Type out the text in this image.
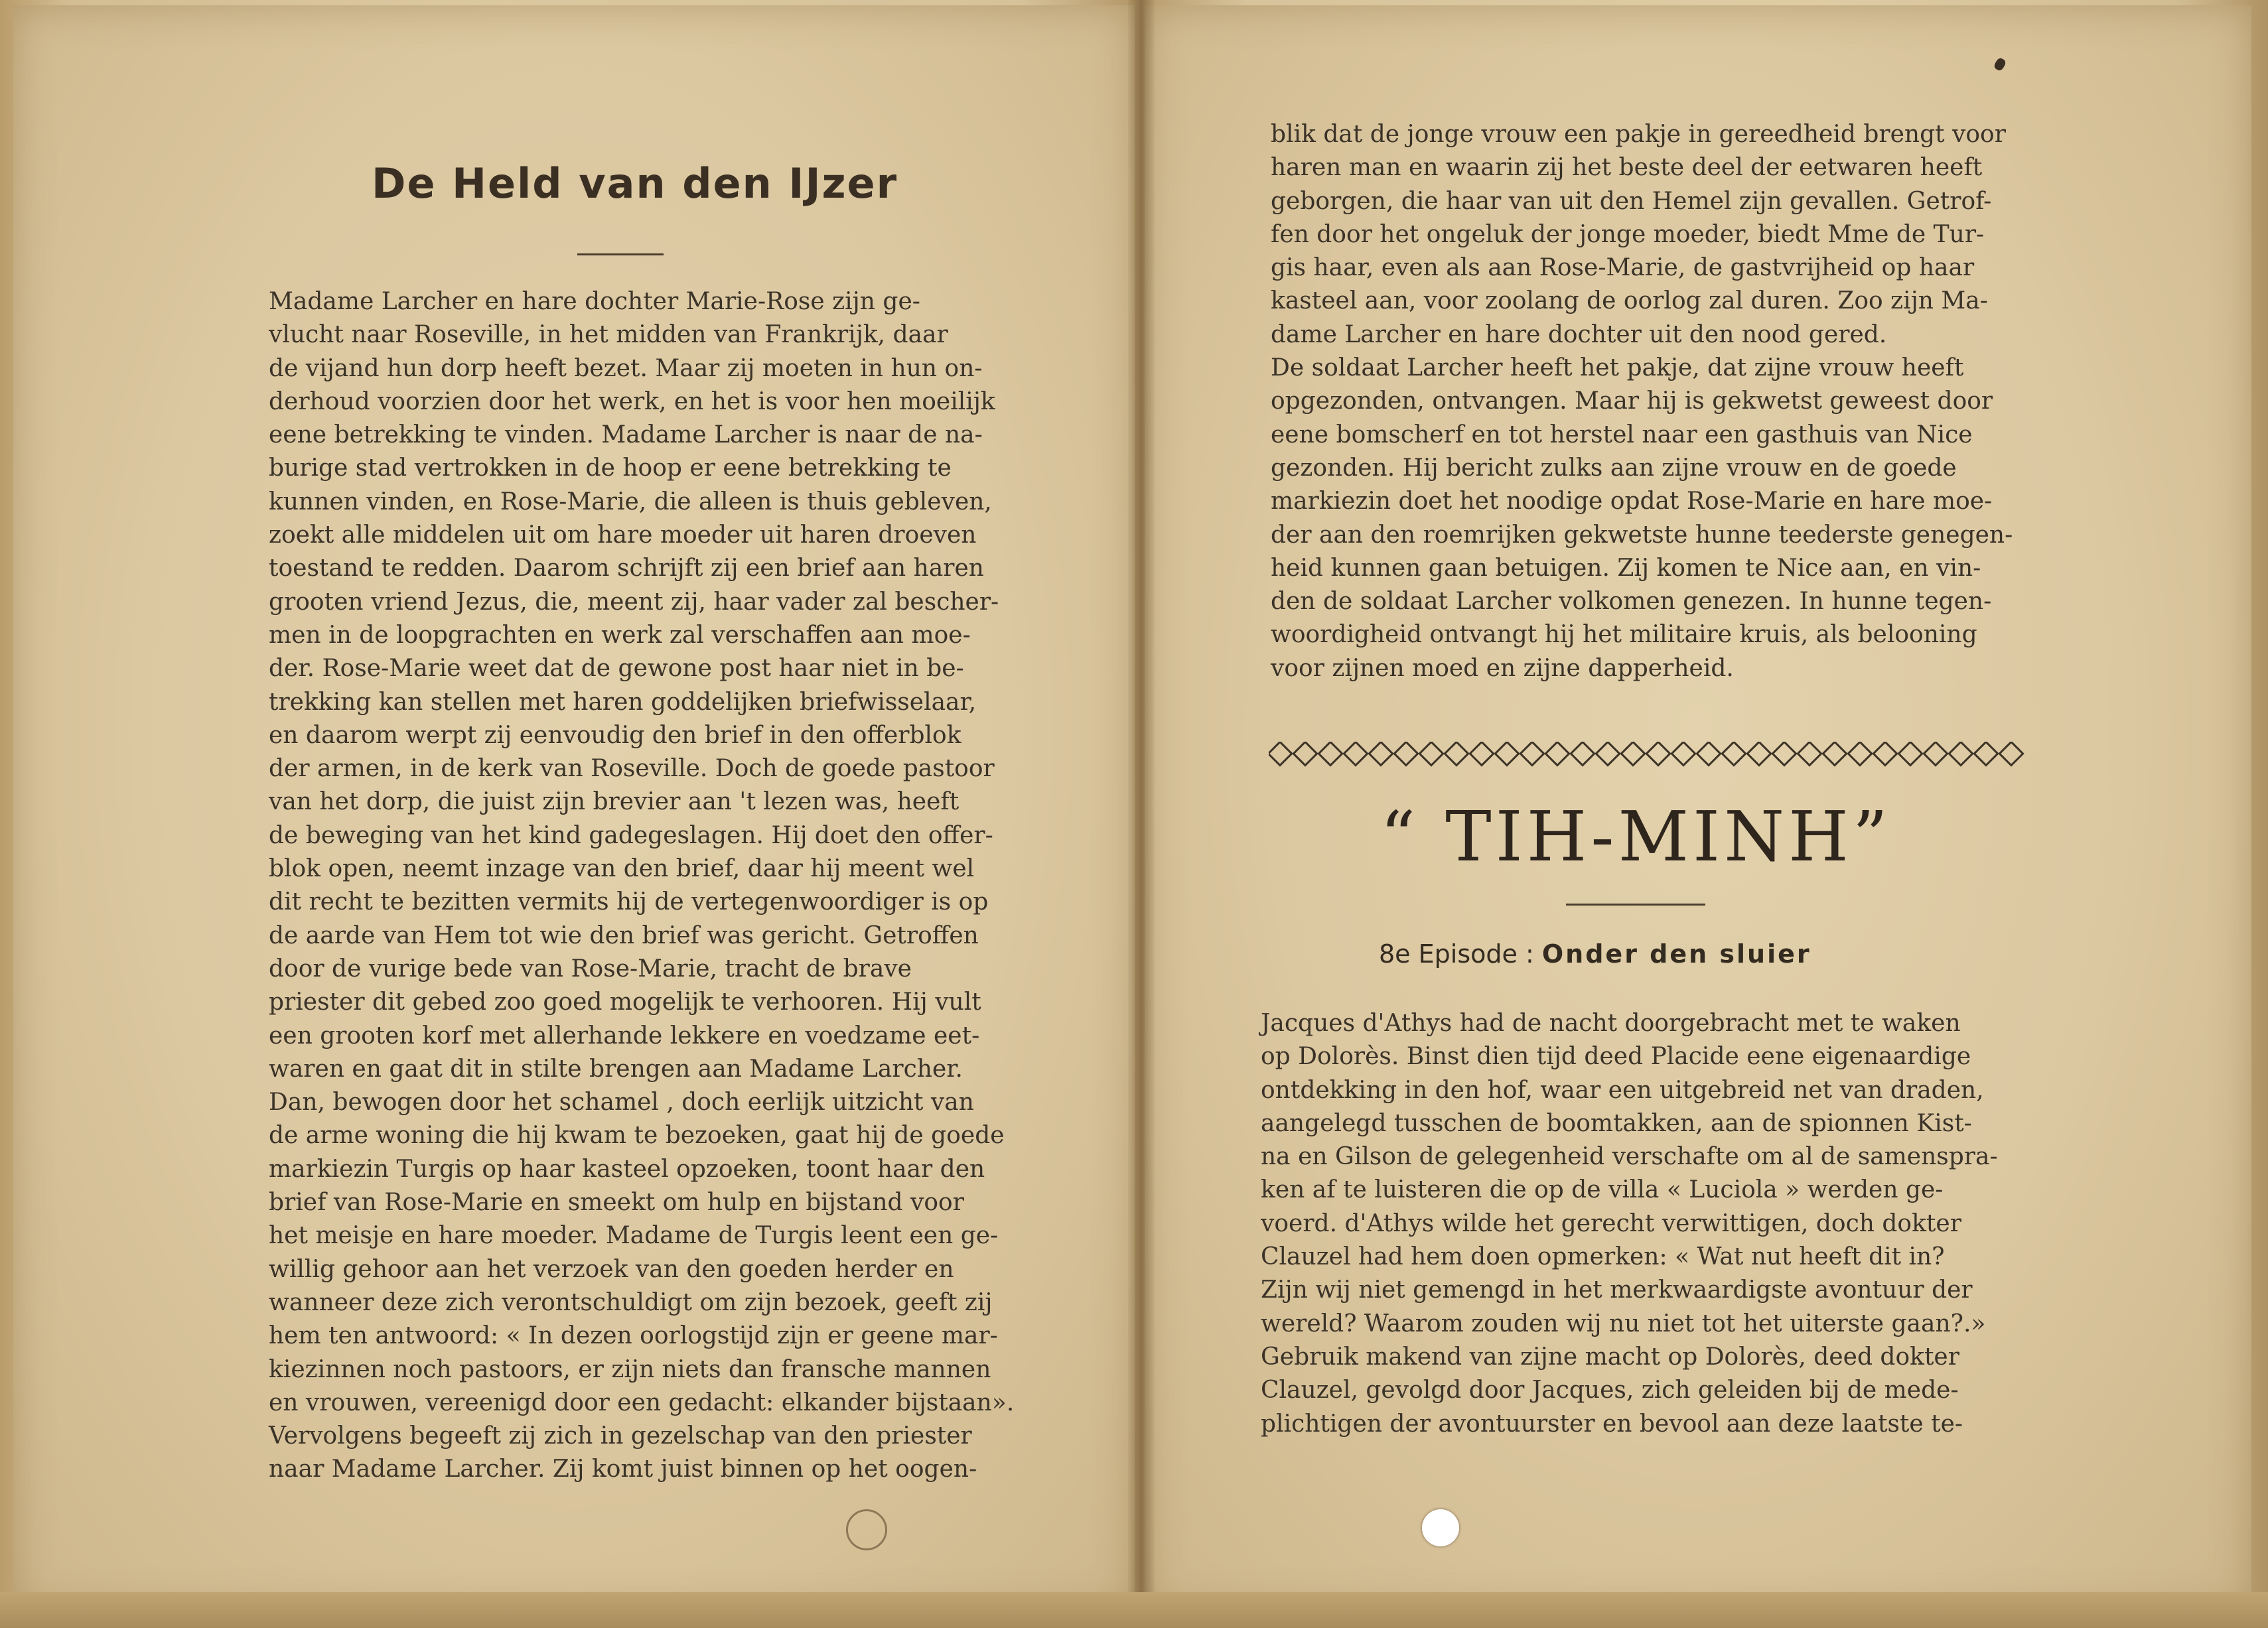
De Held van den IJzer
Madame Larcher en hare dochter Marie-Rose zijn ge-
vlucht naar Roseville, in het midden van Frankrijk, daar
de vijand hun dorp heeft bezet. Maar zij moeten in hun on-
derhoud voorzien door het werk, en het is voor hen moeilijk
eene betrekking te vinden. Madame Larcher is naar de na-
burige stad vertrokken in de hoop er eene betrekking te
kunnen vinden, en Rose-Marie, die alleen is thuis gebleven,
zoekt alle middelen uit om hare moeder uit haren droeven
toestand te redden. Daarom schrijft zij een brief aan haren
grooten vriend Jezus, die, meent zij, haar vader zal bescher-
men in de loopgrachten en werk zal verschaffen aan moe-
der. Rose-Marie weet dat de gewone post haar niet in be-
trekking kan stellen met haren goddelijken briefwisselaar,
en daarom werpt zij eenvoudig den brief in den offerblok
der armen, in de kerk van Roseville. Doch de goede pastoor
van het dorp, die juist zijn brevier aan 't lezen was, heeft
de beweging van het kind gadegeslagen. Hij doet den offer-
blok open, neemt inzage van den brief, daar hij meent wel
dit recht te bezitten vermits hij de vertegenwoordiger is op
de aarde van Hem tot wie den brief was gericht. Getroffen
door de vurige bede van Rose-Marie, tracht de brave
priester dit gebed zoo goed mogelijk te verhooren. Hij vult
een grooten korf met allerhande lekkere en voedzame eet-
waren en gaat dit in stilte brengen aan Madame Larcher.
Dan, bewogen door het schamel , doch eerlijk uitzicht van
de arme woning die hij kwam te bezoeken, gaat hij de goede
markiezin Turgis op haar kasteel opzoeken, toont haar den
brief van Rose-Marie en smeekt om hulp en bijstand voor
het meisje en hare moeder. Madame de Turgis leent een ge-
willig gehoor aan het verzoek van den goeden herder en
wanneer deze zich verontschuldigt om zijn bezoek, geeft zij
hem ten antwoord: « In dezen oorlogstijd zijn er geene mar-
kiezinnen noch pastoors, er zijn niets dan fransche mannen
en vrouwen, vereenigd door een gedacht: elkander bijstaan».
Vervolgens begeeft zij zich in gezelschap van den priester
naar Madame Larcher. Zij komt juist binnen op het oogen-
blik dat de jonge vrouw een pakje in gereedheid brengt voor
haren man en waarin zij het beste deel der eetwaren heeft
geborgen, die haar van uit den Hemel zijn gevallen. Getrof-
fen door het ongeluk der jonge moeder, biedt Mme de Tur-
gis haar, even als aan Rose-Marie, de gastvrijheid op haar
kasteel aan, voor zoolang de oorlog zal duren. Zoo zijn Ma-
dame Larcher en hare dochter uit den nood gered.
De soldaat Larcher heeft het pakje, dat zijne vrouw heeft
opgezonden, ontvangen. Maar hij is gekwetst geweest door
eene bomscherf en tot herstel naar een gasthuis van Nice
gezonden. Hij bericht zulks aan zijne vrouw en de goede
markiezin doet het noodige opdat Rose-Marie en hare moe-
der aan den roemrijken gekwetste hunne teederste genegen-
heid kunnen gaan betuigen. Zij komen te Nice aan, en vin-
den de soldaat Larcher volkomen genezen. In hunne tegen-
woordigheid ontvangt hij het militaire kruis, als belooning
voor zijnen moed en zijne dapperheid.
“ TIH-MINH”
8e Episode : Onder den sluier
Jacques d'Athys had de nacht doorgebracht met te waken
op Dolorès. Binst dien tijd deed Placide eene eigenaardige
ontdekking in den hof, waar een uitgebreid net van draden,
aangelegd tusschen de boomtakken, aan de spionnen Kist-
na en Gilson de gelegenheid verschafte om al de samenspra-
ken af te luisteren die op de villa « Luciola » werden ge-
voerd. d'Athys wilde het gerecht verwittigen, doch dokter
Clauzel had hem doen opmerken: « Wat nut heeft dit in?
Zijn wij niet gemengd in het merkwaardigste avontuur der
wereld? Waarom zouden wij nu niet tot het uiterste gaan?.»
Gebruik makend van zijne macht op Dolorès, deed dokter
Clauzel, gevolgd door Jacques, zich geleiden bij de mede-
plichtigen der avontuurster en bevool aan deze laatste te-
